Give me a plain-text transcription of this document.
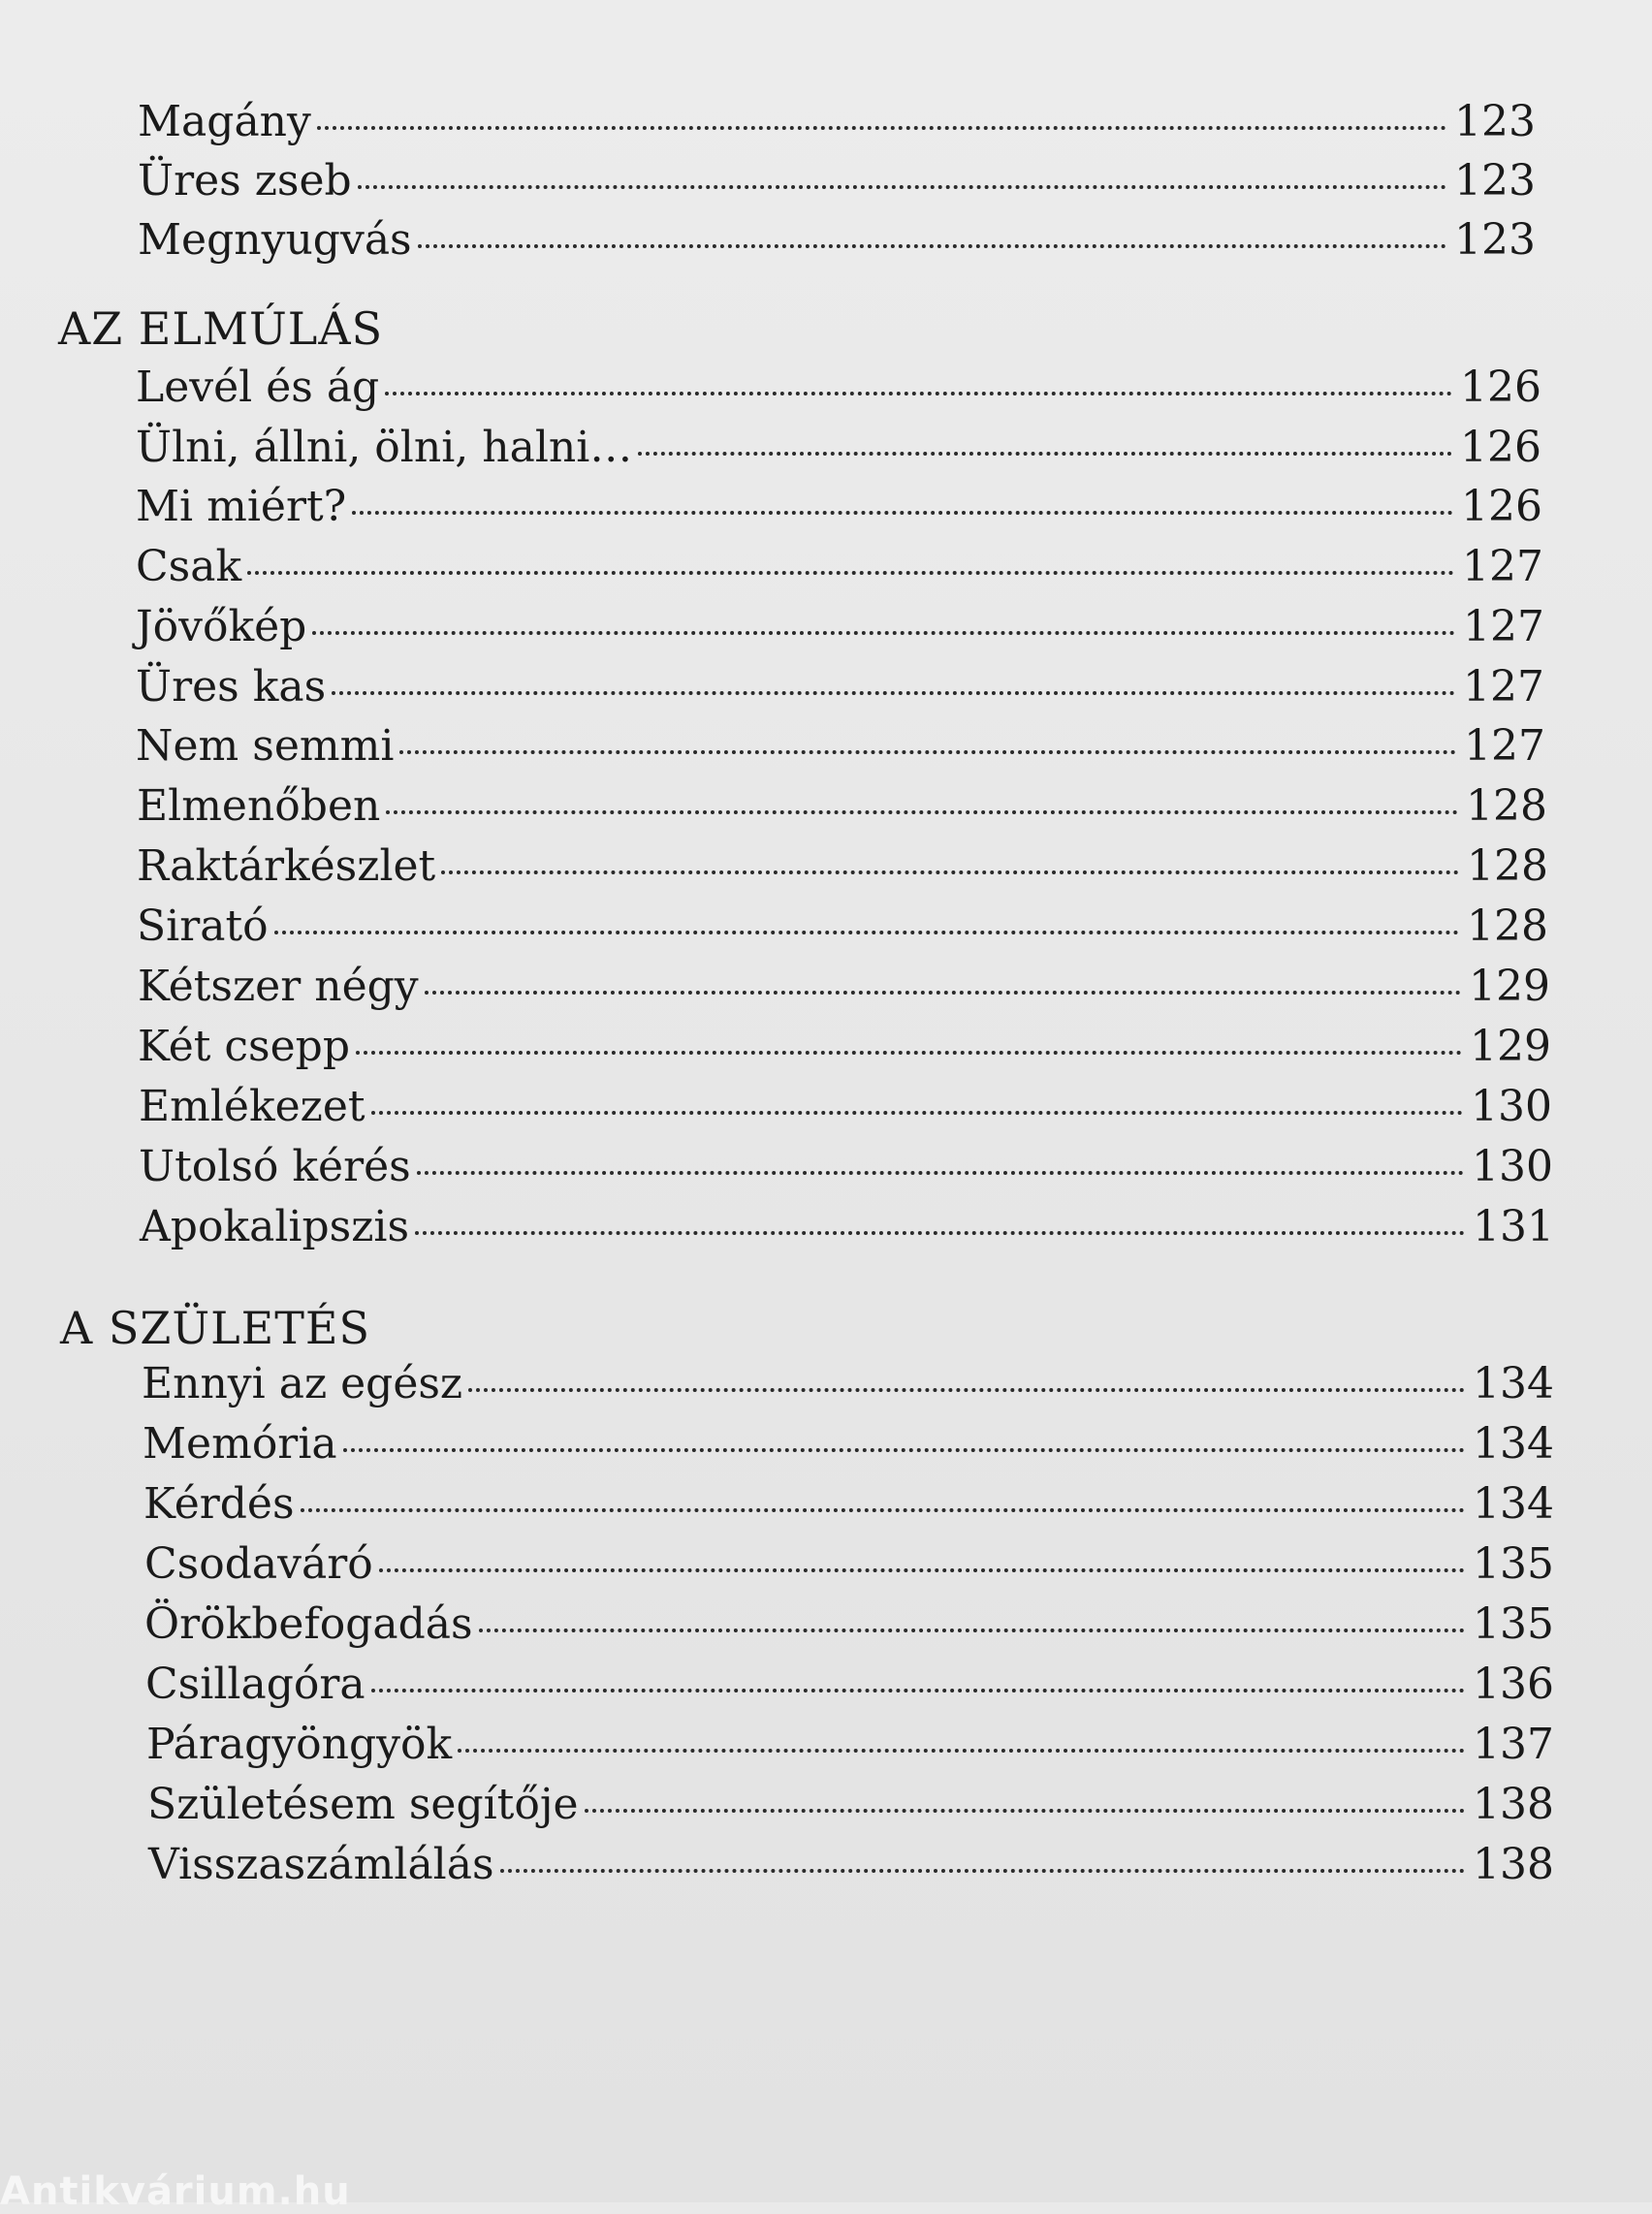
Magány	123
Üres zseb	123
Megnyugvás	123
AZ ELMÚLÁS
Levél és ág	126
Ülni, állni, ölni, halni…	126
Mi miért?	126
Csak	127
Jövőkép	127
Üres kas	127
Nem semmi	127
Elmenőben	128
Raktárkészlet	128
Sirató	128
Kétszer négy	129
Két csepp	129
Emlékezet	130
Utolsó kérés	130
Apokalipszis	131
A SZÜLETÉS
Ennyi az egész	134
Memória	134
Kérdés	134
Csodaváró	135
Örökbefogadás	135
Csillagóra	136
Páragyöngyök	137
Születésem segítője	138
Visszaszámlálás	138
Antikvárium.hu
